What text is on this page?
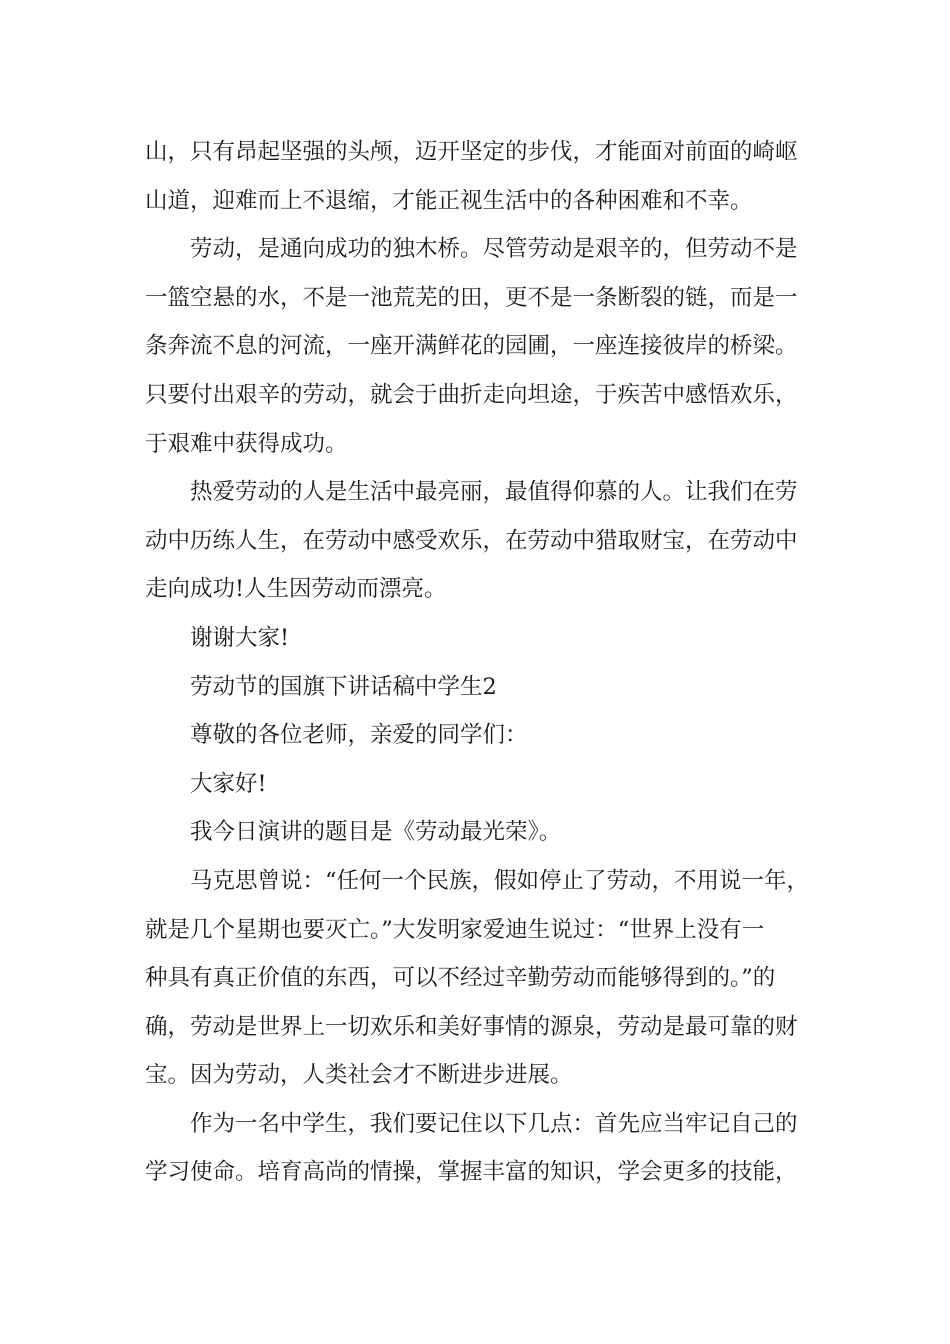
山，只有昂起坚强的头颅，迈开坚定的步伐，才能面对前面的崎岖
山道，迎难而上不退缩，才能正视生活中的各种困难和不幸。
劳动，是通向成功的独木桥。尽管劳动是艰辛的，但劳动不是
一篮空悬的水，不是一池荒芜的田，更不是一条断裂的链，而是一
条奔流不息的河流，一座开满鲜花的园圃，一座连接彼岸的桥梁。
只要付出艰辛的劳动，就会于曲折走向坦途，于疾苦中感悟欢乐，
于艰难中获得成功。
热爱劳动的人是生活中最亮丽，最值得仰慕的人。让我们在劳
动中历练人生，在劳动中感受欢乐，在劳动中猎取财宝，在劳动中
走向成功!人生因劳动而漂亮。
谢谢大家!
劳动节的国旗下讲话稿中学生2
尊敬的各位老师，亲爱的同学们：
大家好!
我今日演讲的题目是《劳动最光荣》。
马克思曾说：“任何一个民族，假如停止了劳动，不用说一年，
就是几个星期也要灭亡。”大发明家爱迪生说过：“世界上没有一
种具有真正价值的东西，可以不经过辛勤劳动而能够得到的。”的
确，劳动是世界上一切欢乐和美好事情的源泉，劳动是最可靠的财
宝。因为劳动，人类社会才不断进步进展。
作为一名中学生，我们要记住以下几点：首先应当牢记自己的
学习使命。培育高尚的情操，掌握丰富的知识，学会更多的技能，
